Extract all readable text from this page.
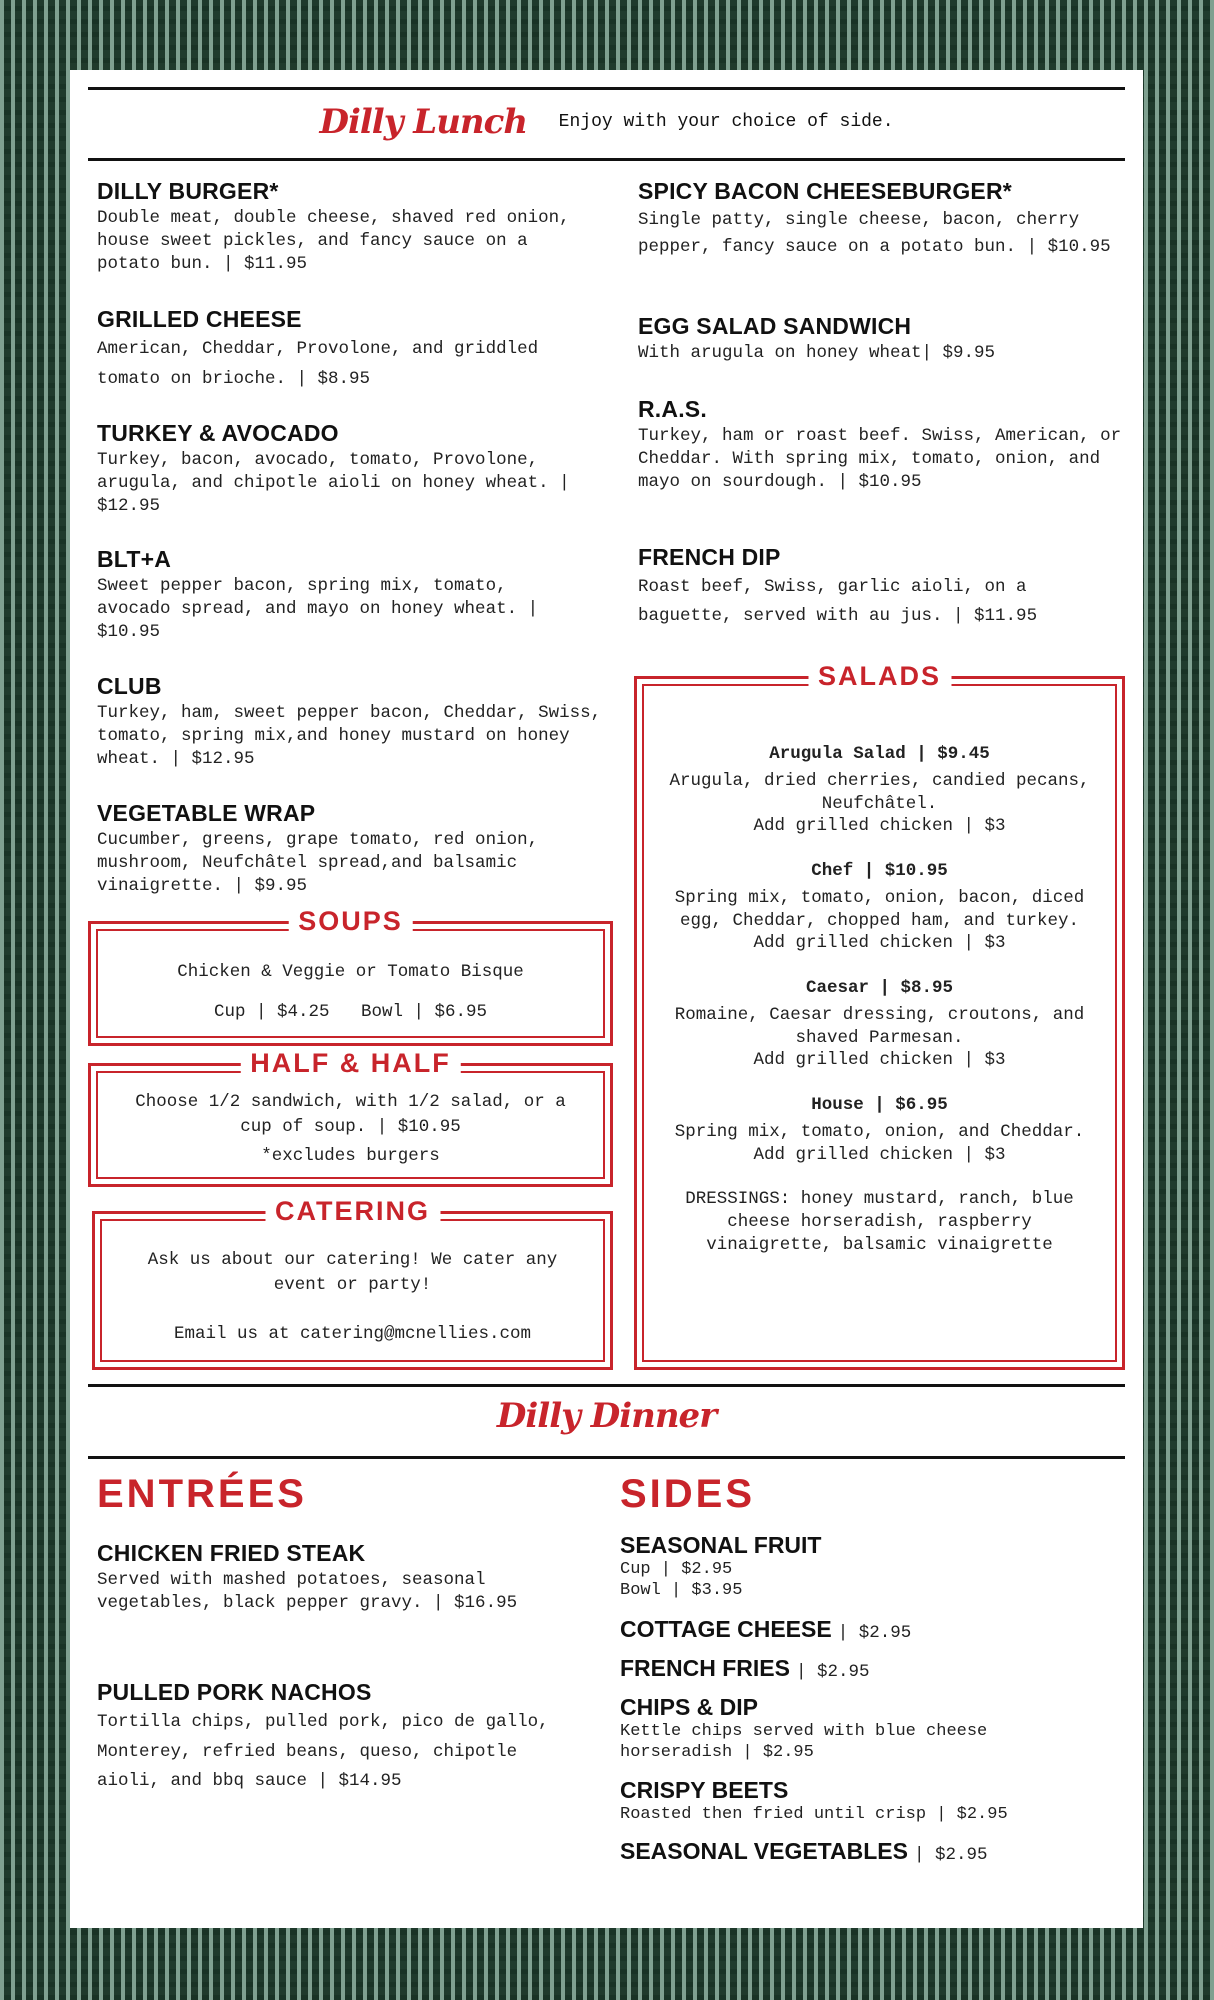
Dilly Lunch Enjoy with your choice of side.
DILLY BURGER*

Double meat, double cheese, shaved red onion, house sweet pickles, and fancy sauce on a potato bun. | $11.95

GRILLED CHEESE

American, Cheddar, Provolone, and griddled tomato on brioche. | $8.95

TURKEY & AVOCADO

Turkey, bacon, avocado, tomato, Provolone, arugula, and chipotle aioli on honey wheat. | $12.95

BLT+A

Sweet pepper bacon, spring mix, tomato, avocado spread, and mayo on honey wheat. | $10.95

CLUB

Turkey, ham, sweet pepper bacon, Cheddar, Swiss, tomato, spring mix,and honey mustard on honey wheat. | $12.95

VEGETABLE WRAP

Cucumber, greens, grape tomato, red onion, mushroom, Neufchâtel spread,and balsamic vinaigrette. | $9.95

SOUPS
Chicken & Veggie or Tomato Bisque
Cup | $4.25   Bowl | $6.95
HALF & HALF
Choose 1/2 sandwich, with 1/2 salad, or a cup of soup. | $10.95
*excludes burgers
CATERING
Ask us about our catering! We cater any event or party!
Email us at catering@mcnellies.com
SPICY BACON CHEESEBURGER*

Single patty, single cheese, bacon, cherry pepper, fancy sauce on a potato bun. | $10.95

EGG SALAD SANDWICH

With arugula on honey wheat| $9.95

R.A.S.

Turkey, ham or roast beef. Swiss, American, or Cheddar. With spring mix, tomato, onion, and mayo on sourdough. | $10.95

FRENCH DIP

Roast beef, Swiss, garlic aioli, on a baguette, served with au jus. | $11.95

SALADS
Arugula Salad | $9.45
Arugula, dried cherries, candied pecans, Neufchâtel.
Add grilled chicken | $3
Chef | $10.95
Spring mix, tomato, onion, bacon, diced egg, Cheddar, chopped ham, and turkey.
Add grilled chicken | $3
Caesar | $8.95
Romaine, Caesar dressing, croutons, and shaved Parmesan.
Add grilled chicken | $3
House | $6.95
Spring mix, tomato, onion, and Cheddar.
Add grilled chicken | $3
DRESSINGS: honey mustard, ranch, blue cheese horseradish, raspberry vinaigrette, balsamic vinaigrette
Dilly Dinner
ENTRÉES
CHICKEN FRIED STEAK

Served with mashed potatoes, seasonal vegetables, black pepper gravy. | $16.95

PULLED PORK NACHOS

Tortilla chips, pulled pork, pico de gallo, Monterey, refried beans, queso, chipotle aioli, and bbq sauce | $14.95

SIDES
SEASONAL FRUIT

Cup | $2.95

Bowl | $3.95

COTTAGE CHEESE | $2.95
FRENCH FRIES | $2.95
CHIPS & DIP

Kettle chips served with blue cheese horseradish | $2.95

CRISPY BEETS

Roasted then fried until crisp | $2.95

SEASONAL VEGETABLES | $2.95
